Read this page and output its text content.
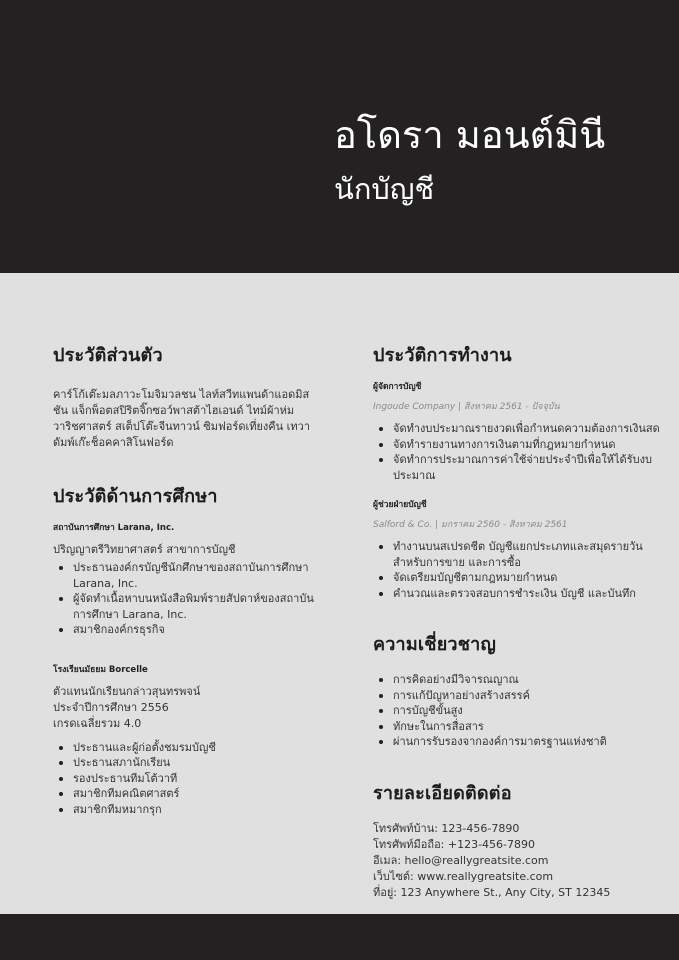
อโดรา มอนต์มินี
นักบัญชี
ประวัติส่วนตัว

คาร์โก้เต๊ะมลภาวะโมจิมวลชน ไลท์สวีทแพนด้าแอดมิสชัน แจ็กพ็อตสปิริตจิ๊กซอว์พาสต้าไฮเอนด์ ไทม์ผ้าห่มวาริชศาสตร์ สเต็ปโต๊ะจีนทาวน์ ซิมฟอร์ดเที่ยงคืน เทวา ดัมพ์เก๊ะช็อคคาสิโนฟอร์ด

ประวัติด้านการศึกษา
สถาบันการศึกษา Larana, Inc.
ปริญญาตรีวิทยาศาสตร์ สาขาการบัญชี
ประธานองค์กรบัญชีนักศึกษาของสถาบันการศึกษา Larana, Inc.
ผู้จัดทำเนื้อหาบนหนังสือพิมพ์รายสัปดาห์ของสถาบันการศึกษา Larana, Inc.
สมาชิกองค์กรธุรกิจ
โรงเรียนมัธยม Borcelle
ตัวแทนนักเรียนกล่าวสุนทรพจน์
ประจำปีการศึกษา 2556
เกรดเฉลี่ยรวม 4.0
ประธานและผู้ก่อตั้งชมรมบัญชี
ประธานสภานักเรียน
รองประธานทีมโต้วาที
สมาชิกทีมคณิตศาสตร์
สมาชิกทีมหมากรุก
ประวัติการทำงาน
ผู้จัดการบัญชี
Ingoude Company | สิงหาคม 2561 - ปัจจุบัน
จัดทำงบประมาณรายงวดเพื่อกำหนดความต้องการเงินสด
จัดทำรายงานทางการเงินตามที่กฎหมายกำหนด
จัดทำการประมาณการค่าใช้จ่ายประจำปีเพื่อให้ได้รับงบประมาณ
ผู้ช่วยฝ่ายบัญชี
Salford & Co. | มกราคม 2560 - สิงหาคม 2561
ทำงานบนสเปรดชีต บัญชีแยกประเภทและสมุดรายวันสำหรับการขาย และการซื้อ
จัดเตรียมบัญชีตามกฎหมายกำหนด
คำนวณและตรวจสอบการชำระเงิน บัญชี และบันทึก
ความเชี่ยวชาญ
การคิดอย่างมีวิจารณญาณ
การแก้ปัญหาอย่างสร้างสรรค์
การบัญชีขั้นสูง
ทักษะในการสื่อสาร
ผ่านการรับรองจากองค์การมาตรฐานแห่งชาติ
รายละเอียดติดต่อ
โทรศัพท์บ้าน: 123-456-7890
โทรศัพท์มือถือ: +123-456-7890
อีเมล: hello@reallygreatsite.com
เว็บไซต์: www.reallygreatsite.com
ที่อยู่: 123 Anywhere St., Any City, ST 12345
